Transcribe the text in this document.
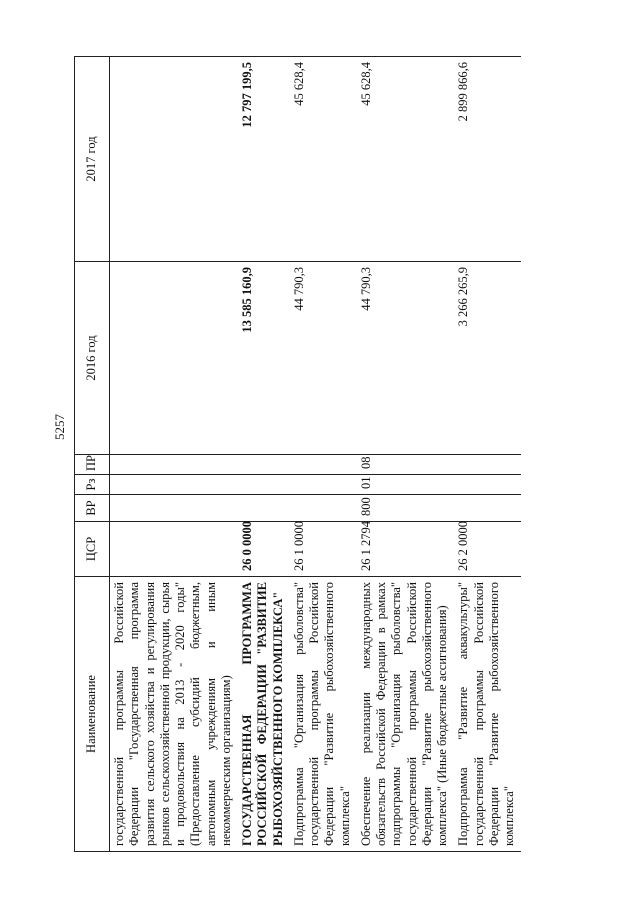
5257
Наименование	ЦСР	ВР	Рз	ПР	2016 год	2017 год
государственной программы Российской Федерации "Государственная программа развития сельского хозяйства и регулирования рынков сельскохозяйственной продукции, сырья и продовольствия на 2013 - 2020 годы" (Предоставление субсидий бюджетным, автономным учреждениям и иным некоммерческим организациям)						
ГОСУДАРСТВЕННАЯ ПРОГРАММА РОССИЙСКОЙ ФЕДЕРАЦИИ "РАЗВИТИЕ РЫБОХОЗЯЙСТВЕННОГО КОМПЛЕКСА"	26 0 0000				13 585 160,9	12 797 199,5
Подпрограмма "Организация рыболовства" государственной программы Российской Федерации "Развитие рыбохозяйственного комплекса"	26 1 0000				44 790,3	45 628,4
Обеспечение реализации международных обязательств Российской Федерации в рамках подпрограммы "Организация рыболовства" государственной программы Российской Федерации "Развитие рыбохозяйственного комплекса" (Иные бюджетные ассигнования)	26 1 2794	800	01	08	44 790,3	45 628,4
Подпрограмма "Развитие аквакультуры" государственной программы Российской Федерации "Развитие рыбохозяйственного комплекса"	26 2 0000				3 266 265,9	2 899 866,6
